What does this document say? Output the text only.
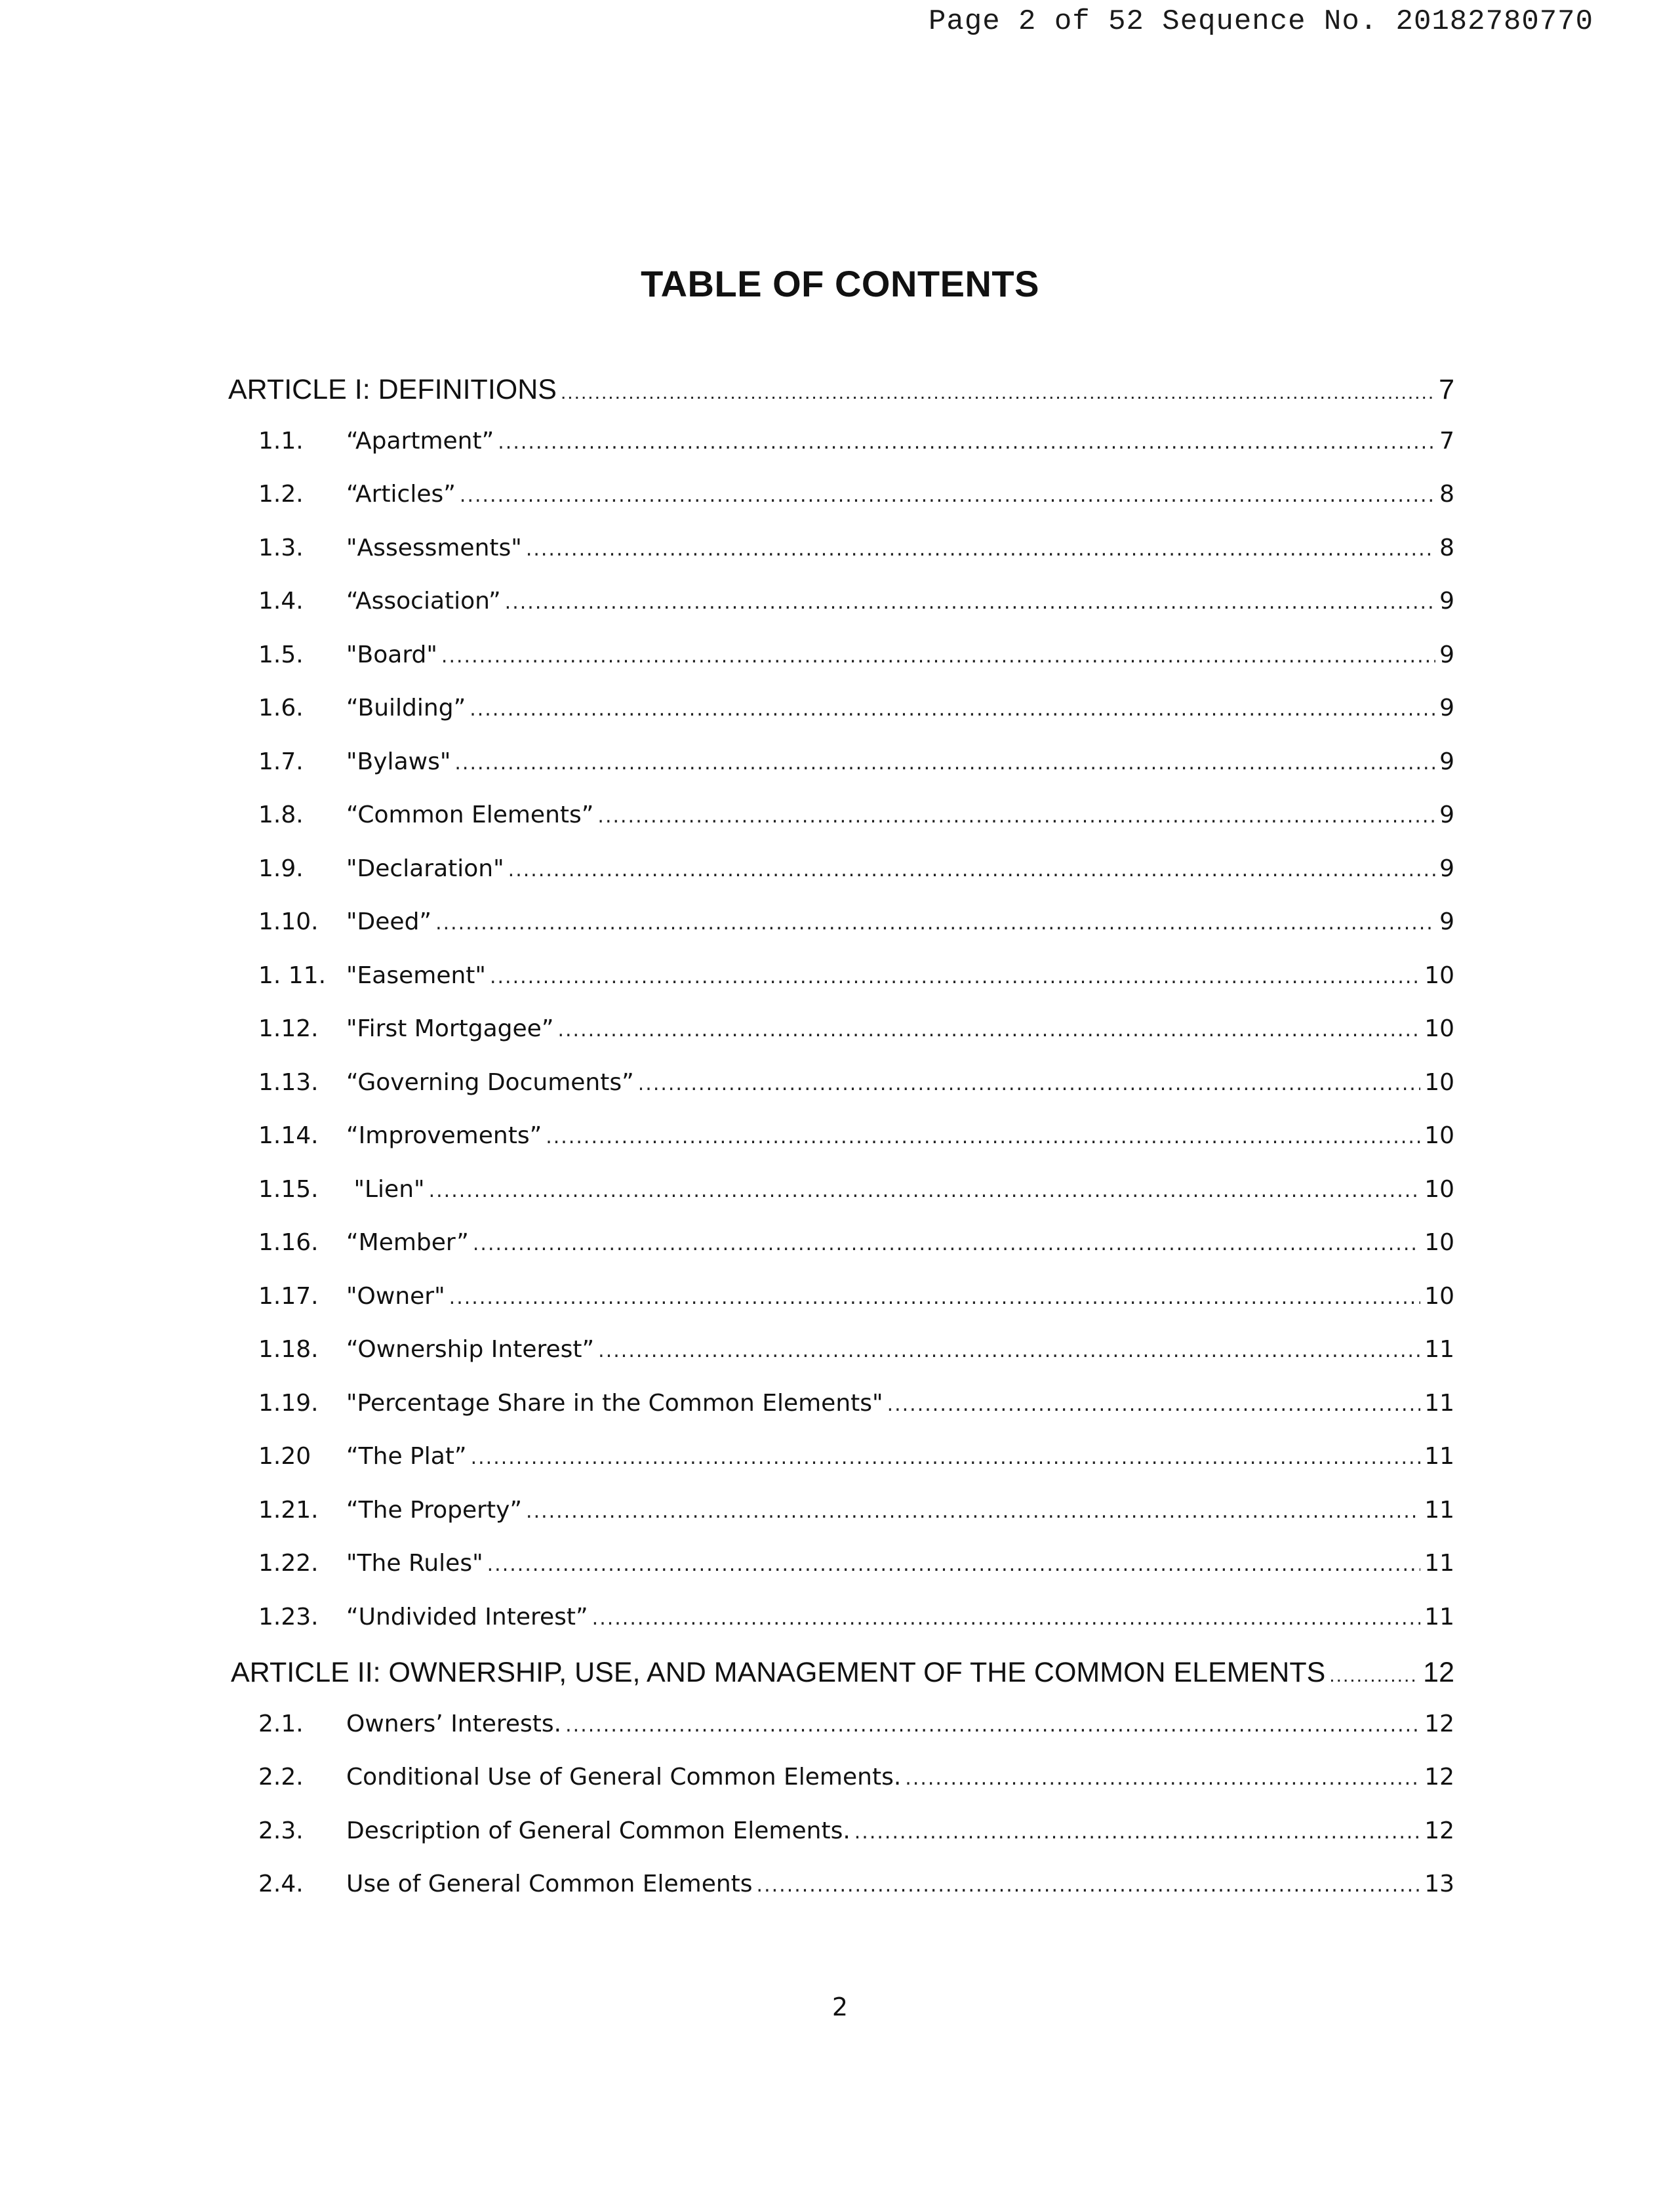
Page 2 of 52 Sequence No. 20182780770
TABLE OF CONTENTS
ARTICLE I: DEFINITIONS .....	7
1.1.	“Apartment” .....	7
1.2.	“Articles” .....	8
1.3.	"Assessments" .....	8
1.4.	“Association” .....	9
1.5.	"Board" .....	9
1.6.	“Building” .....	9
1.7.	"Bylaws" .....	9
1.8.	“Common Elements” .....	9
1.9.	"Declaration" .....	9
1.10.	"Deed” .....	9
1. 11. "Easement" .....	10
1.12.	"First Mortgagee” .....	10
1.13.	“Governing Documents” .....	10
1.14.	“Improvements” .....	10
1.15.	"Lien" .....	10
1.16.	“Member” .....	10
1.17.	"Owner" .....	10
1.18.	“Ownership Interest” .....	11
1.19.	"Percentage Share in the Common Elements" .....	11
1.20	“The Plat” .....	11
1.21.	“The Property” .....	11
1.22.	"The Rules" .....	11
1.23.	“Undivided Interest” .....	11
ARTICLE II: OWNERSHIP, USE, AND MANAGEMENT OF THE COMMON ELEMENTS .....	12
2.1.	Owners’ Interests. .....	12
2.2.	Conditional Use of General Common Elements. .....	12
2.3.	Description of General Common Elements. .....	12
2.4.	Use of General Common Elements .....	13
2
